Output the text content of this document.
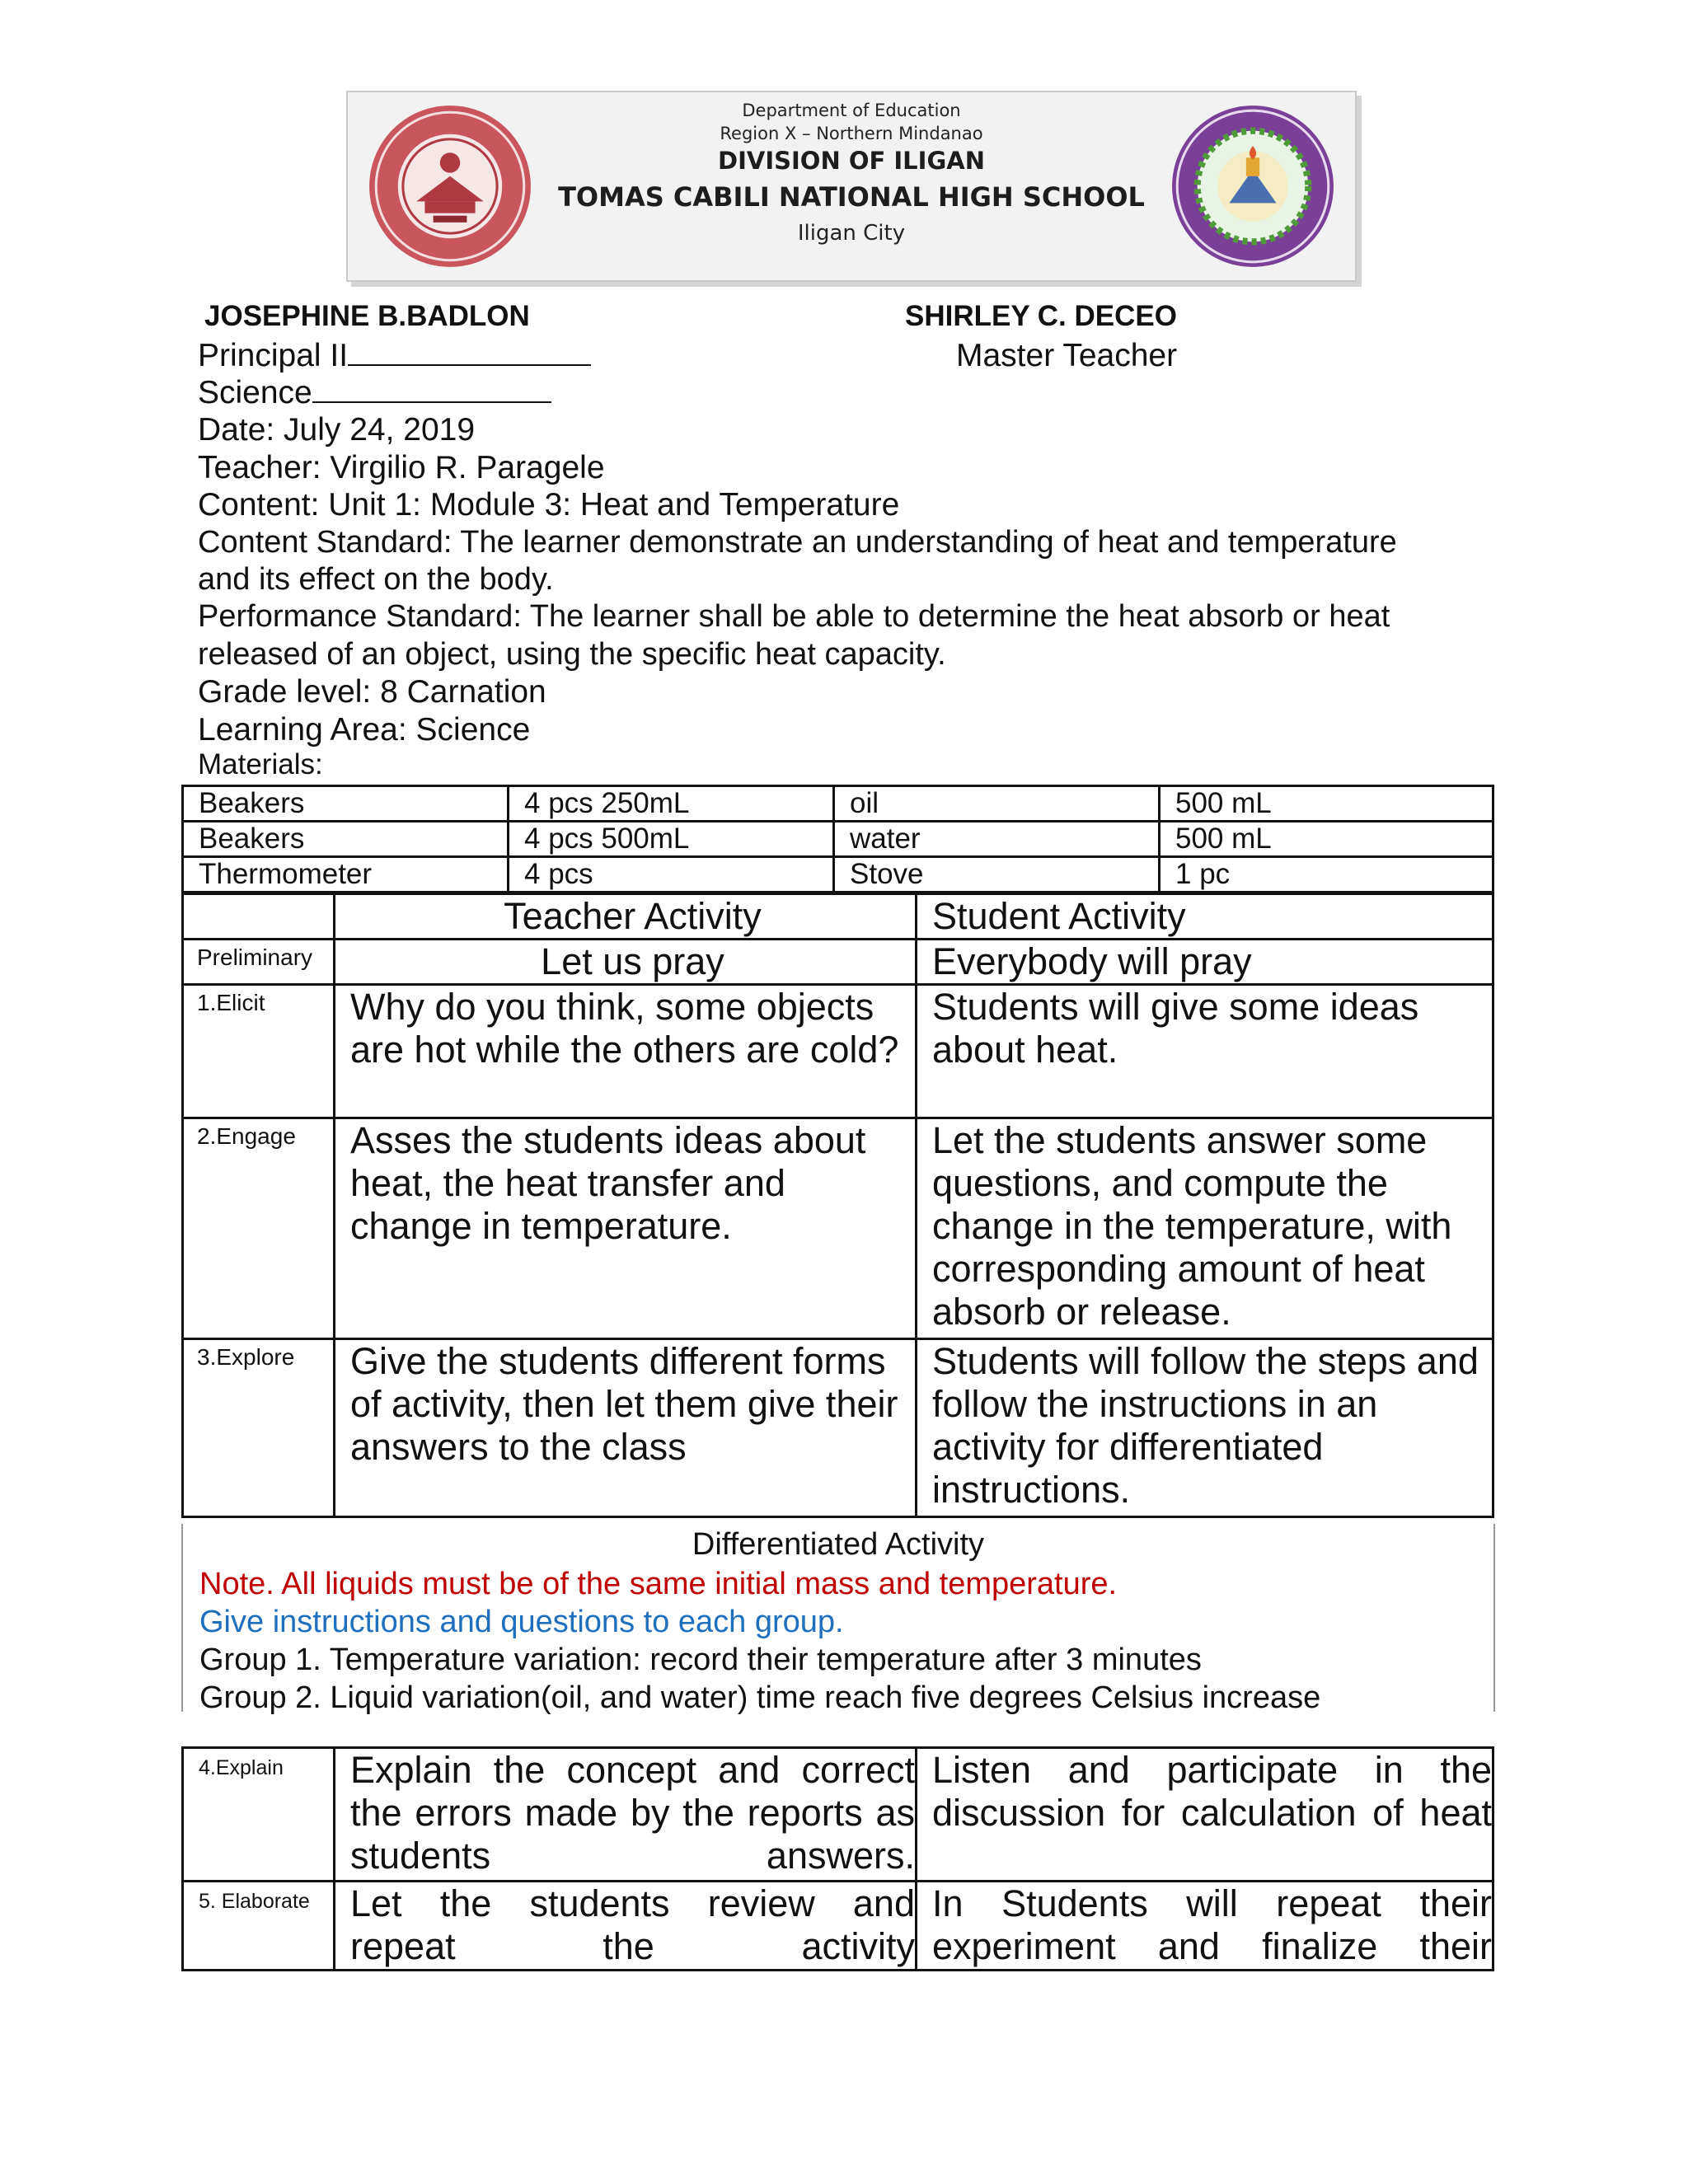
Department of Education
Region X – Northern Mindanao
DIVISION OF ILIGAN
TOMAS CABILI NATIONAL HIGH SCHOOL
Iligan City
JOSEPHINE B.BADLON	SHIRLEY C. DECEO
Principal II	Master Teacher
Science
Date: July 24, 2019
Teacher: Virgilio R. Paragele
Content: Unit 1: Module 3: Heat and Temperature
Content Standard: The learner demonstrate an understanding of heat and temperature
and its effect on the body.
Performance Standard: The learner shall be able to determine the heat absorb or heat
released of an object, using the specific heat capacity.
Grade level: 8 Carnation
Learning Area: Science
Materials:
Beakers	4 pcs 250mL	oil	500 mL
Beakers	4 pcs 500mL	water	500 mL
Thermometer	4 pcs	Stove	1 pc
	Teacher Activity	Student Activity
Preliminary	Let us pray	Everybody will pray
1.Elicit	Why do you think, some objects are hot while the others are cold?	Students will give some ideas about heat.
2.Engage	Asses the students ideas about heat, the heat transfer and change in temperature.	Let the students answer some questions, and compute the change in the temperature, with corresponding amount of heat absorb or release.
3.Explore	Give the students different forms of activity, then let them give their answers to the class	Students will follow the steps and follow the instructions in an activity for differentiated instructions.
Differentiated Activity
Note. All liquids must be of the same initial mass and temperature.
Give instructions and questions to each group.
Group 1. Temperature variation: record their temperature after 3 minutes
Group 2. Liquid variation(oil, and water) time reach five degrees Celsius increase
4.Explain	Explain the concept and correct the errors made by the reports as students answers.	Listen and participate in the discussion for calculation of heat
5. Elaborate	Let the students review and repeat the activity	In Students will repeat their experiment and finalize their
